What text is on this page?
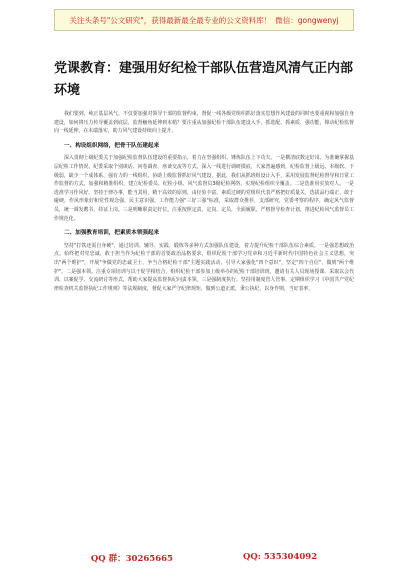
关注头条号"公文研究"，获得最新最全最专业的公文资料库！ 微信：gongwenyj
党课教育：建强用好纪检干部队伍营造风清气正内部环境

我们要到，纯正基层风气，不仅要加强对领导干部的监督约束，督促一线各级党组织抓好落实思想作风建设的同时也要重视和加强自身建设，如何将压力传导覆盖到底层，监督触角延伸到末梢？要注重从加强纪检干部队伍建设入手，抓选配、抓素质、强功能，撑动纪检监督向一线延伸，在末端落实，助力风气建设持续向上提升。

一、构设组织网络，把骨干队伍建起来

深入贯彻上级纪委关于加强纪检监督队伍建设的重要指示，着力在坚强组织、锤炼队伍上下功夫。一是横清底数定好岗。为准确掌握基层纪检工作情况，纪委采取个别谈话、问卷调查、座谈交流等方式，深入一线进行调研摸底，大家普遍感到，纪检监督上级远、本级软、下级弱，缺少一个成体系、强有力的一线组织，协助上级监督抓好风气建设，据此，我们从抓班组设计入手，采用发展监督纪检督导和日常工作监督的方式，加强和精准组织，建立纪检委员、纪检小组、风气监督员3级纪检网络，实现纪检组织全覆盖。二是选准用实放对人。一是选准学习作风好、坚持于律办事，能当其用，精干高效的原则，由径验丰富、素质过硬的党组织代表严格把好质量关，选拔品行端正、敢于碰硬，作风形象好和党性观念强，民主意识强，工作能力强"三好三强"标准，采取群众推荐，支部研究，党委考察的程序，确定风气监督员，统一调发聘书，持证上岗。三是明晰职责定好位。注重按照定责、定岗、定员，全面履职，严格督导检查计划，推进纪检风气监督员工作规范化。

二、加强教育培训，把素质本领强起来

坚持"打铁还需自身硬"，通过培训、辅导、实践、锻炼等多种方式加强队伍建设，着力提升纪检干部队伍综合素质。一是强思想政治点。始终把对党忠诚、敢于担当作为纪检干部的首要政治品格要求，组织纪检干部学习党章和习近平新时代中国特色社会主义思想，突出"两个维护"，开展"争做党的忠诚卫士，争当合格纪检干部"主题实践活动，引导大家强化"四个意识"，坚定"四个自信"，做到"两个维护"。二是强本领。注重专项培训与以干促学相结合，组织纪检干部参加上级举办的纪检干部培训班，邀请有关人员现场授课，采取以会代训、以案促学、交流研讨等形式，帮助大家提高监督执纪问责本领。三是强制度执行。坚持用制度管人管事，定期组织学习《中国共产党纪律检查机关监督执纪工作规则》等法规制度，督促大家严守纪律规矩，做到公道正派，秉公执纪，以身作则，当好表率。

QQ 群：30265665	QQ: 535304092
